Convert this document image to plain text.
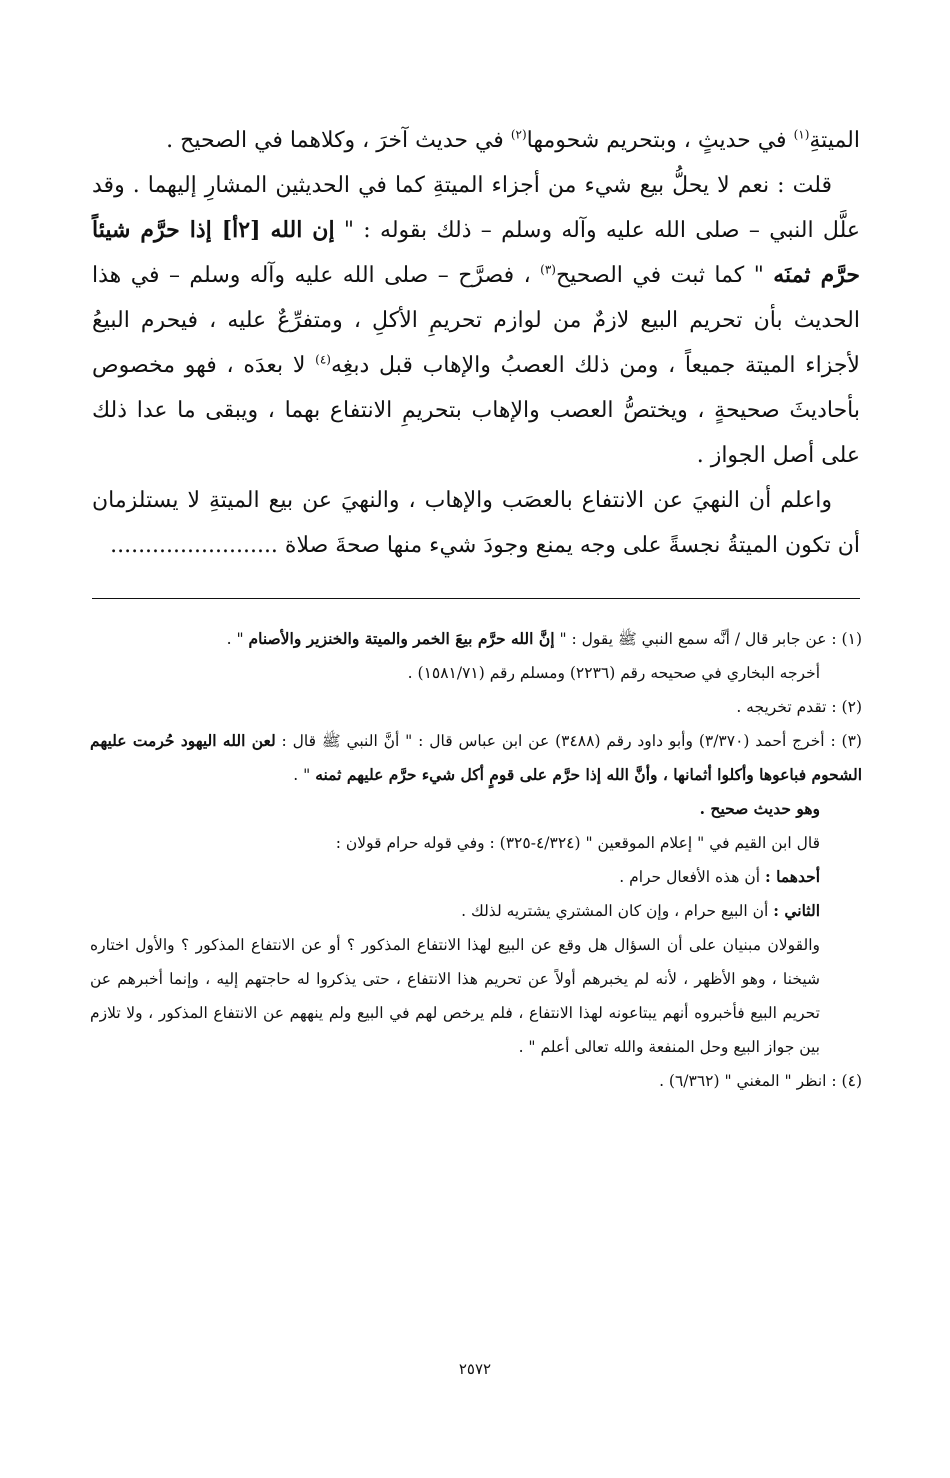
الميتةِ$^{(١)}$ في حديثٍ ، وبتحريم شحومها$^{(٢)}$ في حديث آخرَ ، وكلاهما في الصحيح .

قلت : نعم لا يحلُّ بيع شيء من أجزاء الميتةِ كما في الحديثين المشارِ إليهما . وقد علَّل النبي – صلى الله عليه وآله وسلم – ذلك بقوله : " إن الله [٢أ] إذا حرَّم شيئاً حرَّم ثمنَه " كما ثبت في الصحيح$^{(٣)}$ ، فصرَّح – صلى الله عليه وآله وسلم – في هذا الحديث بأن تحريم البيع لازمٌ من لوازم تحريمِ الأكلِ ، ومتفرِّعٌ عليه ، فيحرم البيعُ لأجزاء الميتة جميعاً ، ومن ذلك العصبُ والإهاب قبل دبغِه$^{(٤)}$ لا بعدَه ، فهو مخصوص بأحاديثَ صحيحةٍ ، ويختصُّ العصب والإهاب بتحريمِ الانتفاع بهما ، ويبقى ما عدا ذلك على أصل الجواز .

واعلم أن النهيَ عن الانتفاع بالعصَب والإهاب ، والنهيَ عن بيع الميتةِ لا يستلزمان أن تكون الميتةُ نجسةً على وجه يمنع وجودَ شيء منها صحةَ صلاة ........................

(١) : عن جابر قال / أنَّه سمع النبي ﷺ يقول : " إنَّ الله حرَّم بيعَ الخمر والميتة والخنزير والأصنام " .

أخرجه البخاري في صحيحه رقم (٢٢٣٦) ومسلم رقم (١٥٨١/٧١) .

(٢) : تقدم تخريجه .

(٣) : أخرج أحمد (٣/٣٧٠) وأبو داود رقم (٣٤٨٨) عن ابن عباس قال : " أنَّ النبي ﷺ قال : لعن الله اليهود حُرمت عليهم الشحوم فباعوها وأكلوا أثمانها ، وأنَّ الله إذا حرَّم على قومٍ أكل شيء حرَّم عليهم ثمنه " .

وهو حديث صحيح .

قال ابن القيم في " إعلام الموقعين " (٤/٣٢٤-٣٢٥) : وفي قوله حرام قولان :

أحدهما : أن هذه الأفعال حرام .

الثاني : أن البيع حرام ، وإن كان المشتري يشتريه لذلك .

والقولان مبنيان على أن السؤال هل وقع عن البيع لهذا الانتفاع المذكور ؟ أو عن الانتفاع المذكور ؟ والأول اختاره شيخنا ، وهو الأظهر ، لأنه لم يخبرهم أولاً عن تحريم هذا الانتفاع ، حتى يذكروا له حاجتهم إليه ، وإنما أخبرهم عن تحريم البيع فأخبروه أنهم يبتاعونه لهذا الانتفاع ، فلم يرخص لهم في البيع ولم ينههم عن الانتفاع المذكور ، ولا تلازم بين جواز البيع وحل المنفعة والله تعالى أعلم " .

(٤) : انظر " المغني " (٦/٣٦٢) .

٢٥٧٢
